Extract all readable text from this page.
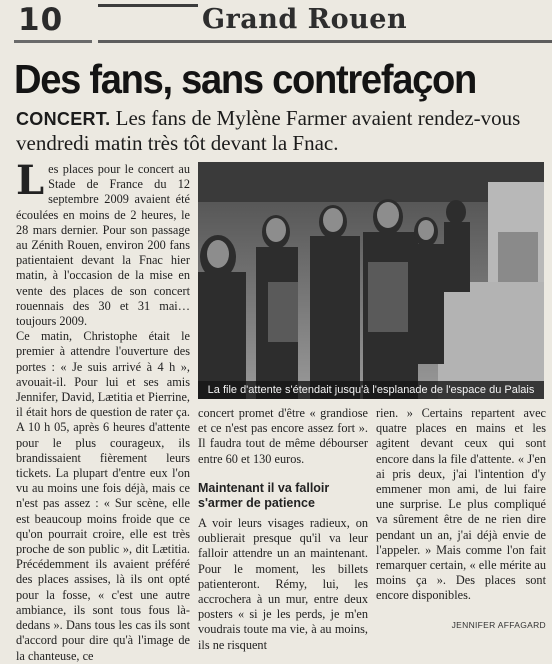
10	Grand Rouen
Des fans, sans contrefaçon
CONCERT. Les fans de Mylène Farmer avaient rendez-vous vendredi matin très tôt devant la Fnac.
L es places pour le concert au Stade de France du 12 septembre 2009 avaient été écoulées en moins de 2 heures, le 28 mars dernier. Pour son passage au Zénith Rouen, environ 200 fans patientaient devant la Fnac hier matin, à l'occasion de la mise en vente des places de son concert rouennais des 30 et 31 mai… toujours 2009.

Ce matin, Christophe était le premier à attendre l'ouverture des portes : « Je suis arrivé à 4 h », avouait-il. Pour lui et ses amis Jennifer, David, Lætitia et Pierrine, il était hors de question de rater ça. A 10 h 05, après 6 heures d'attente pour le plus courageux, ils brandissaient fièrement leurs tickets. La plupart d'entre eux l'on vu au moins une fois déjà, mais ce n'est pas assez : « Sur scène, elle est beaucoup moins froide que ce qu'on pourrait croire, elle est très proche de son public », dit Lætitia. Précédemment ils avaient préféré des places assises, là ils ont opté pour la fosse, « c'est une autre ambiance, ils sont tous fous là-dedans ». Dans tous les cas ils sont d'accord pour dire qu'à l'image de la chanteuse, ce

La file d'attente s'étendait jusqu'à l'esplanade de l'espace du Palais

concert promet d'être « grandiose et ce n'est pas encore assez fort ». Il faudra tout de même débourser entre 60 et 130 euros.

Maintenant il va falloir s'armer de patience

A voir leurs visages radieux, on oublierait presque qu'il va leur falloir attendre un an maintenant. Pour le moment, les billets patienteront. Rémy, lui, les accrochera à un mur, entre deux posters « si je les perds, je m'en voudrais toute ma vie, à au moins, ils ne risquent

rien. » Certains repartent avec quatre places en mains et les agitent devant ceux qui sont encore dans la file d'attente. « J'en ai pris deux, j'ai l'intention d'y emmener mon ami, de lui faire une surprise. Le plus compliqué va sûrement être de ne rien dire pendant un an, j'ai déjà envie de l'appeler. » Mais comme l'on fait remarquer certain, « elle mérite au moins ça ». Des places sont encore disponibles.

JENNIFER AFFAGARD
